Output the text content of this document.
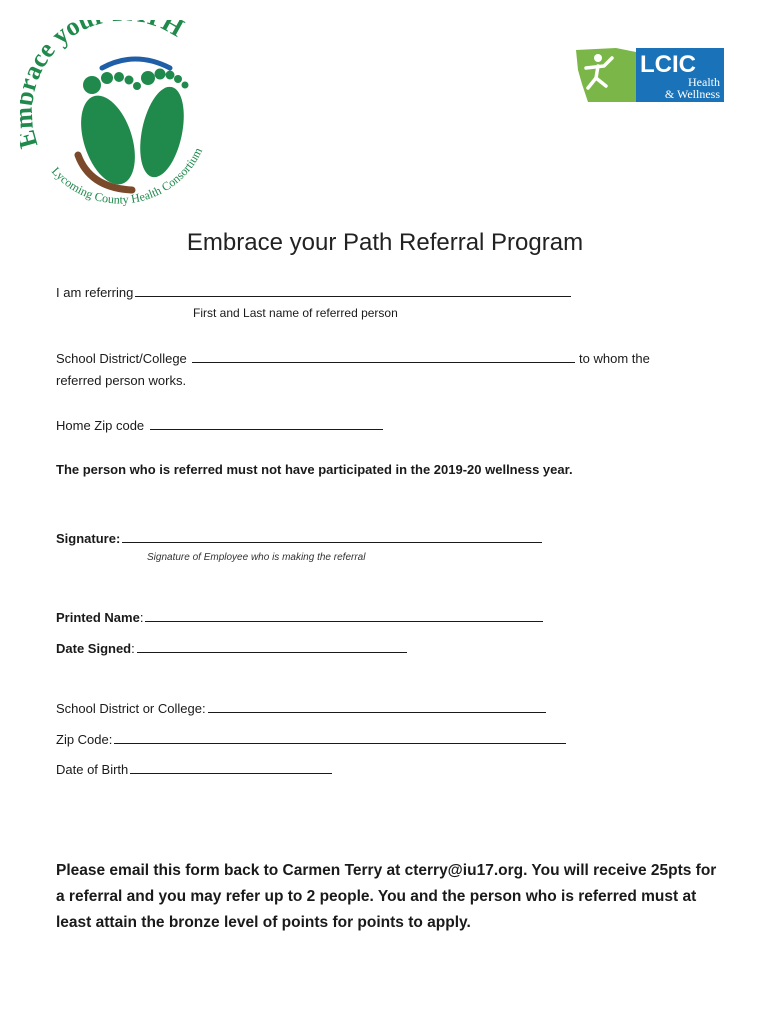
ce yo	H
Lycoming County Health Consortium
LCIC
Health
& Wellness
Embrace your Path Referral Program
I am referring
First and Last name of referred person
School District/College	to whom the
referred person works.
Home Zip code
The person who is referred must not have participated in the 2019-20 wellness year.
Signature:
Signature of Employee who is making the referral
Printed Name:
Date Signed:
School District or College:
Zip Code:
Date of Birth
Please email this form back to Carmen Terry at cterry@iu17.org. You will receive 25pts for a referral and you may refer up to 2 people. You and the person who is referred must at least attain the bronze level of points for points to apply.
